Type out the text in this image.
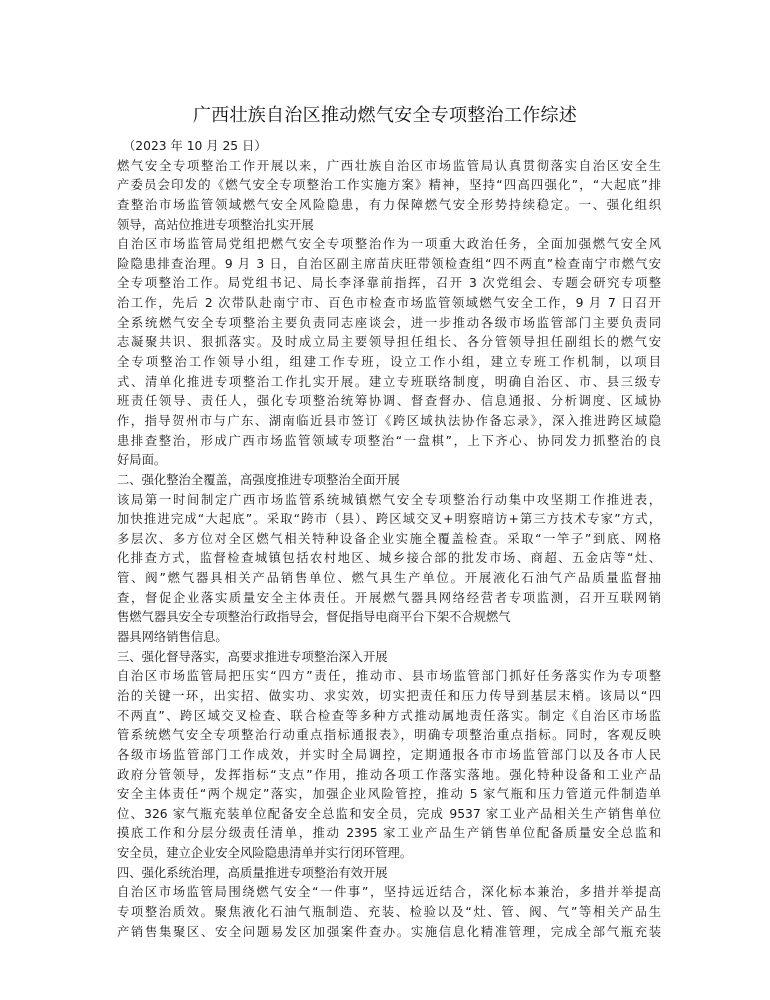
广西壮族自治区推动燃气安全专项整治工作综述
（2023 年 10 月 25 日）
燃气安全专项整治工作开展以来，广西壮族自治区市场监管局认真贯彻落实自治区安全生
产委员会印发的《燃气安全专项整治工作实施方案》精神，坚持“四高四强化”，“大起底”排
查整治市场监管领域燃气安全风险隐患，有力保障燃气安全形势持续稳定。一、强化组织
领导，高站位推进专项整治扎实开展
自治区市场监管局党组把燃气安全专项整治作为一项重大政治任务，全面加强燃气安全风
险隐患排查治理。9 月 3 日，自治区副主席苗庆旺带领检查组“四不两直”检查南宁市燃气安
全专项整治工作。局党组书记、局长李泽靠前指挥，召开 3 次党组会、专题会研究专项整
治工作，先后 2 次带队赴南宁市、百色市检查市场监管领域燃气安全工作，9 月 7 日召开
全系统燃气安全专项整治主要负责同志座谈会，进一步推动各级市场监管部门主要负责同
志凝聚共识、狠抓落实。及时成立局主要领导担任组长、各分管领导担任副组长的燃气安
全专项整治工作领导小组，组建工作专班，设立工作小组，建立专班工作机制，以项目
式、清单化推进专项整治工作扎实开展。建立专班联络制度，明确自治区、市、县三级专
班责任领导、责任人，强化专项整治统筹协调、督查督办、信息通报、分析调度、区域协
作，指导贺州市与广东、湖南临近县市签订《跨区域执法协作备忘录》，深入推进跨区域隐
患排查整治，形成广西市场监管领域专项整治“一盘棋”，上下齐心、协同发力抓整治的良
好局面。
二、强化整治全覆盖，高强度推进专项整治全面开展
该局第一时间制定广西市场监管系统城镇燃气安全专项整治行动集中攻坚期工作推进表，
加快推进完成“大起底”。采取“跨市（县）、跨区域交叉+明察暗访+第三方技术专家”方式，
多层次、多方位对全区燃气相关特种设备企业实施全覆盖检查。采取“一竿子”到底、网格
化排查方式，监督检查城镇包括农村地区、城乡接合部的批发市场、商超、五金店等“灶、
管、阀”燃气器具相关产品销售单位、燃气具生产单位。开展液化石油气产品质量监督抽
查，督促企业落实质量安全主体责任。开展燃气器具网络经营者专项监测，召开互联网销
售燃气器具安全专项整治行政指导会，督促指导电商平台下架不合规燃气
器具网络销售信息。
三、强化督导落实，高要求推进专项整治深入开展
自治区市场监管局把压实“四方”责任，推动市、县市场监管部门抓好任务落实作为专项整
治的关键一环，出实招、做实功、求实效，切实把责任和压力传导到基层末梢。该局以“四
不两直”、跨区域交叉检查、联合检查等多种方式推动属地责任落实。制定《自治区市场监
管系统燃气安全专项整治行动重点指标通报表》，明确专项整治重点指标。同时，客观反映
各级市场监管部门工作成效，并实时全局调控，定期通报各市市场监管部门以及各市人民
政府分管领导，发挥指标“支点”作用，推动各项工作落实落地。强化特种设备和工业产品
安全主体责任“两个规定”落实，加强企业风险管控，推动 5 家气瓶和压力管道元件制造单
位、326 家气瓶充装单位配备安全总监和安全员，完成 9537 家工业产品相关生产销售单位
摸底工作和分层分级责任清单，推动 2395 家工业产品生产销售单位配备质量安全总监和
安全员，建立企业安全风险隐患清单并实行闭环管理。
四、强化系统治理，高质量推进专项整治有效开展
自治区市场监管局围绕燃气安全“一件事”，坚持远近结合，深化标本兼治，多措并举提高
专项整治质效。聚焦液化石油气瓶制造、充装、检验以及“灶、管、阀、气”等相关产品生
产销售集聚区、安全问题易发区加强案件查办。实施信息化精准管理，完成全部气瓶充装
